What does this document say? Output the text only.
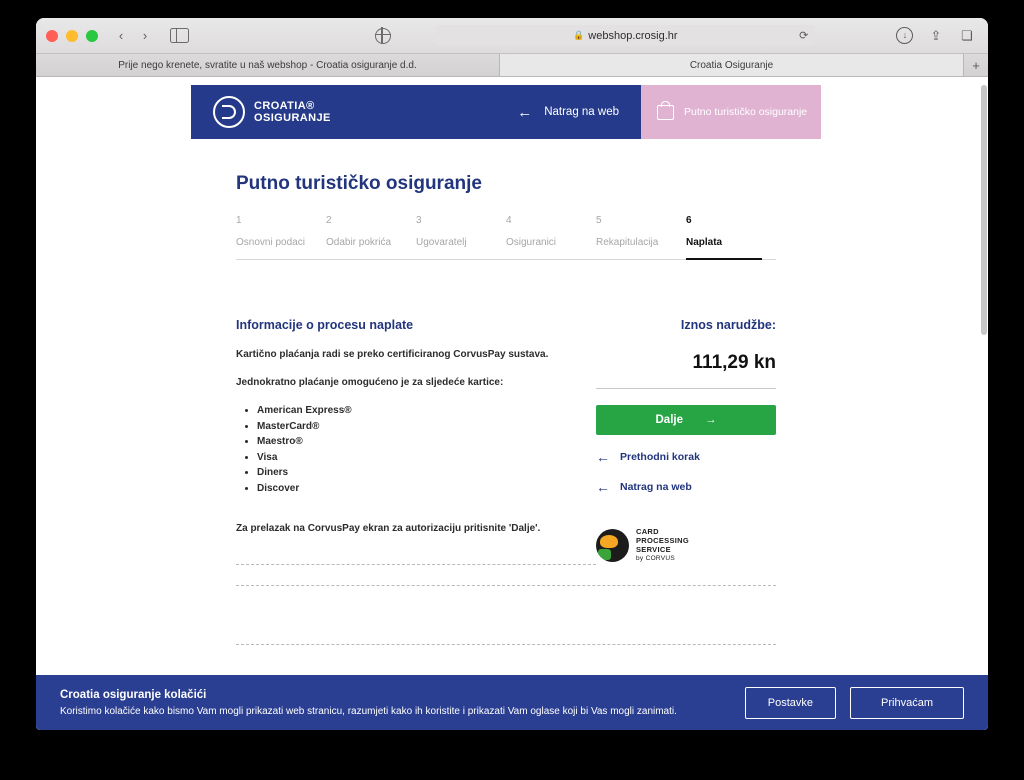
‹	›	🔒 webshop.crosig.hr	⟳	↓	⇪	❏
Prije nego krenete, svratite u naš webshop - Croatia osiguranje d.d.	Croatia Osiguranje	+
CROATIA®
OSIGURANJE	← Natrag na web	Putno turističko osiguranje
Putno turističko osiguranje
1
Osnovni podaci
2
Odabir pokrića
3
Ugovaratelj
4
Osiguranici
5
Rekapitulacija
6
Naplata
Informacije o procesu naplate

Kartično plaćanja radi se preko certificiranog CorvusPay sustava.

Jednokratno plaćanje omogućeno je za sljedeće kartice:

• American Express®
• MasterCard®
• Maestro®
• Visa
• Diners
• Discover

Za prelazak na CorvusPay ekran za autorizaciju pritisnite 'Dalje'.

Iznos narudžbe:
111,29 kn
Dalje →
← Prethodni korak
← Natrag na web
CARD
PROCESSING
SERVICE
by CORVUS
Croatia osiguranje kolačići
Koristimo kolačiće kako bismo Vam mogli prikazati web stranicu, razumjeti kako ih koristite i prikazati Vam oglase koji bi Vas mogli zanimati.
Postavke	Prihvaćam
